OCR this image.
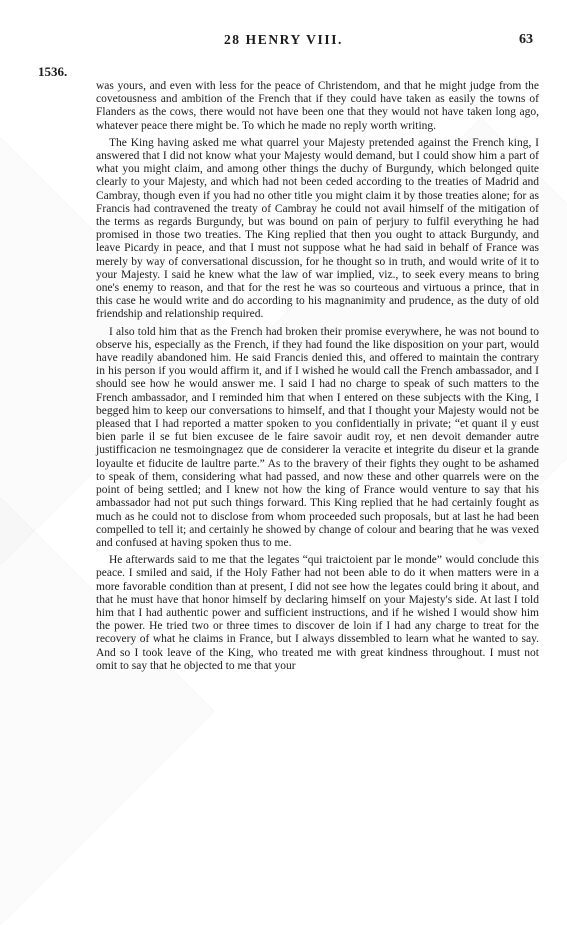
28 HENRY VIII.	63
1536.

was yours, and even with less for the peace of Christendom, and that he might judge from the covetousness and ambition of the French that if they could have taken as easily the towns of Flanders as the cows, there would not have been one that they would not have taken long ago, whatever peace there might be. To which he made no reply worth writing.

The King having asked me what quarrel your Majesty pretended against the French king, I answered that I did not know what your Majesty would demand, but I could show him a part of what you might claim, and among other things the duchy of Burgundy, which belonged quite clearly to your Majesty, and which had not been ceded according to the treaties of Madrid and Cambray, though even if you had no other title you might claim it by those treaties alone; for as Francis had contravened the treaty of Cambray he could not avail himself of the mitigation of the terms as regards Burgundy, but was bound on pain of perjury to fulfil everything he had promised in those two treaties. The King replied that then you ought to attack Burgundy, and leave Picardy in peace, and that I must not suppose what he had said in behalf of France was merely by way of conversational discussion, for he thought so in truth, and would write of it to your Majesty. I said he knew what the law of war implied, viz., to seek every means to bring one's enemy to reason, and that for the rest he was so courteous and virtuous a prince, that in this case he would write and do according to his magnanimity and prudence, as the duty of old friendship and relationship required.

I also told him that as the French had broken their promise everywhere, he was not bound to observe his, especially as the French, if they had found the like disposition on your part, would have readily abandoned him. He said Francis denied this, and offered to maintain the contrary in his person if you would affirm it, and if I wished he would call the French ambassador, and I should see how he would answer me. I said I had no charge to speak of such matters to the French ambassador, and I reminded him that when I entered on these subjects with the King, I begged him to keep our conversations to himself, and that I thought your Majesty would not be pleased that I had reported a matter spoken to you confidentially in private; “et quant il y eust bien parle il se fut bien excusee de le faire savoir audit roy, et nen devoit demander autre justifficacion ne tesmoingnagez que de considerer la veracite et integrite du diseur et la grande loyaulte et fiducite de laultre parte.” As to the bravery of their fights they ought to be ashamed to speak of them, considering what had passed, and now these and other quarrels were on the point of being settled; and I knew not how the king of France would venture to say that his ambassador had not put such things forward. This King replied that he had certainly fought as much as he could not to disclose from whom proceeded such proposals, but at last he had been compelled to tell it; and certainly he showed by change of colour and bearing that he was vexed and confused at having spoken thus to me.

He afterwards said to me that the legates “qui traictoient par le monde” would conclude this peace. I smiled and said, if the Holy Father had not been able to do it when matters were in a more favorable condition than at present, I did not see how the legates could bring it about, and that he must have that honor himself by declaring himself on your Majesty's side. At last I told him that I had authentic power and sufficient instructions, and if he wished I would show him the power. He tried two or three times to discover de loin if I had any charge to treat for the recovery of what he claims in France, but I always dissembled to learn what he wanted to say. And so I took leave of the King, who treated me with great kindness throughout. I must not omit to say that he objected to me that your
